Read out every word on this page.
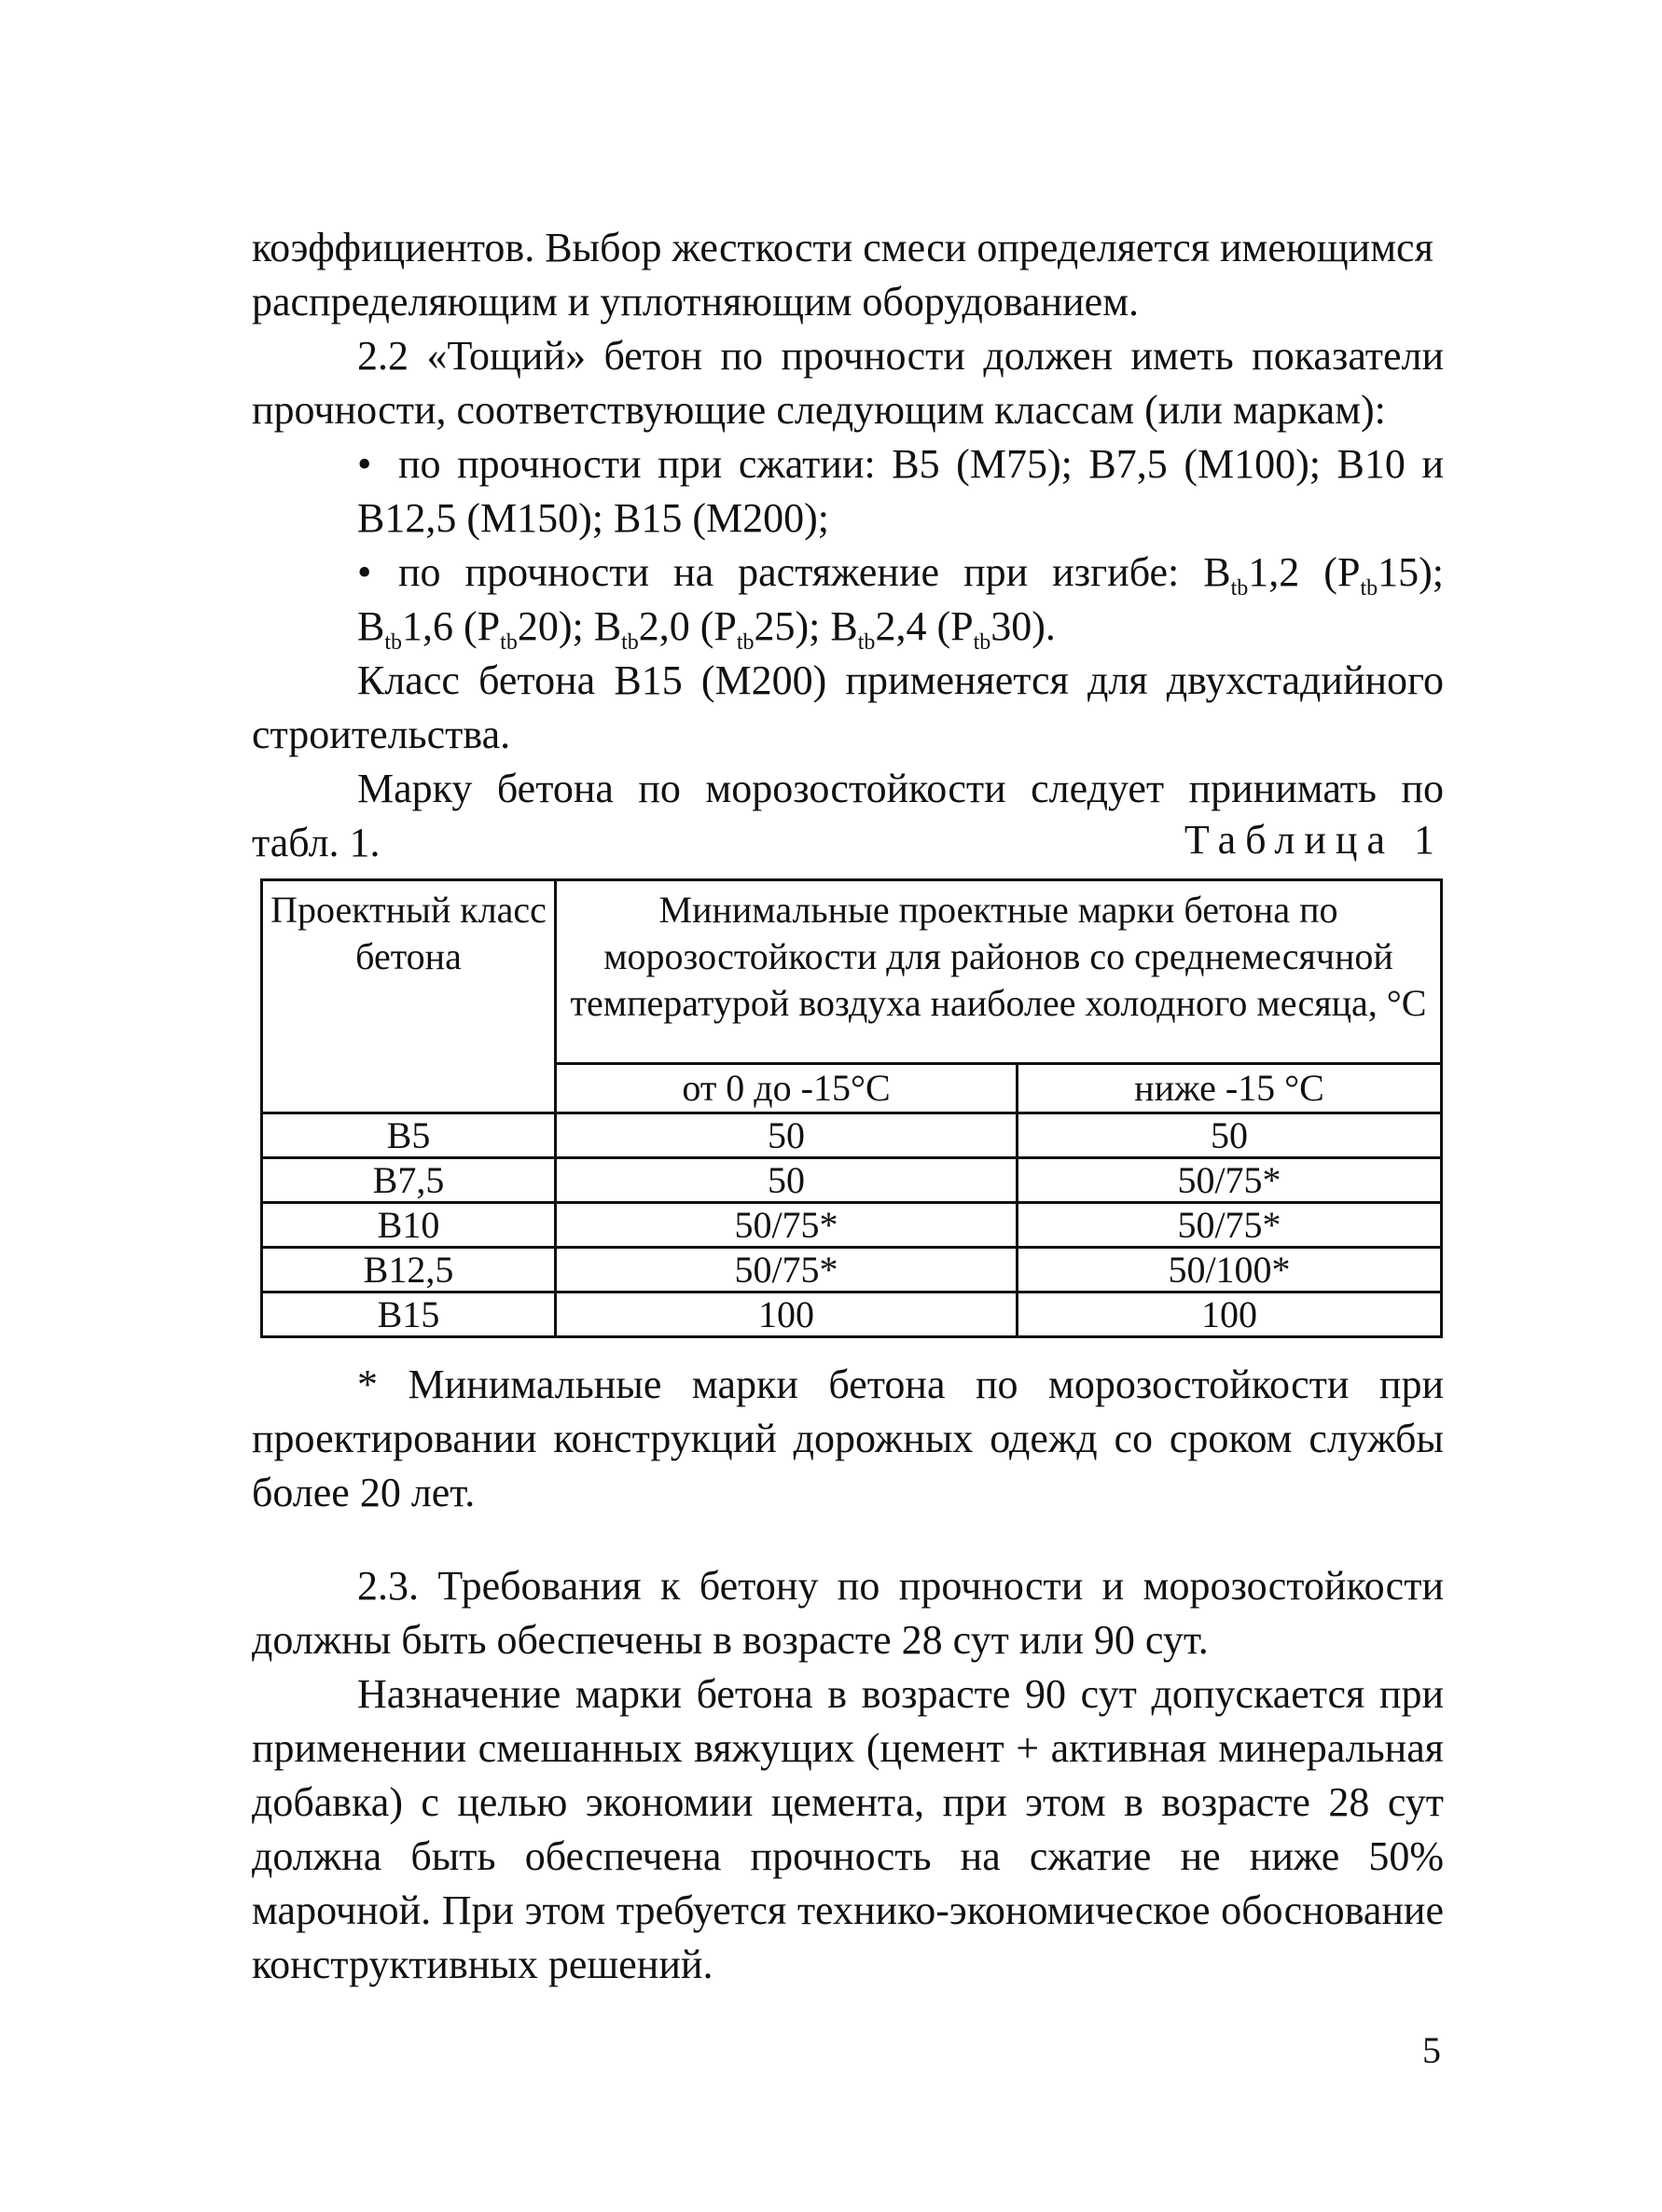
коэффициентов. Выбор жесткости смеси определяется имеющимся

распределяющим и уплотняющим оборудованием.

2.2 «Тощий» бетон по прочности должен иметь показатели прочности, соответствующие следующим классам (или маркам):

• по прочности при сжатии: В5 (М75); В7,5 (М100); В10 и В12,5 (М150); В15 (М200);

• по прочности на растяжение при изгибе: $В_{tb}1,2$ $(Р_{tb}15)$; $В_{tb}1,6$ $(Р_{tb}20)$; $В_{tb}2,0$ $(Р_{tb}25)$; $В_{tb}2,4$ $(Р_{tb}30)$.

Класс бетона В15 (М200) применяется для двухстадийного строительства.

Марку бетона по морозостойкости следует принимать по табл. 1.	Таблица 1
Проектный класс бетона	Минимальные проектные марки бетона по морозостойкости для районов со среднемесячной температурой воздуха наиболее холодного месяца, °С	
	от 0 до -15°С	ниже -15 °С
В5	50	50
В7,5	50	50/75*
В10	50/75*	50/75*
В12,5	50/75*	50/100*
В15	100	100

* Минимальные марки бетона по морозостойкости при проектировании конструкций дорожных одежд со сроком службы более 20 лет.

2.3. Требования к бетону по прочности и морозостойкости должны быть обеспечены в возрасте 28 сут или 90 сут.

Назначение марки бетона в возрасте 90 сут допускается при применении смешанных вяжущих (цемент + активная минеральная добавка) с целью экономии цемента, при этом в возрасте 28 сут должна быть обеспечена прочность на сжатие не ниже 50% марочной. При этом требуется технико-экономическое обоснование конструктивных решений.

5
